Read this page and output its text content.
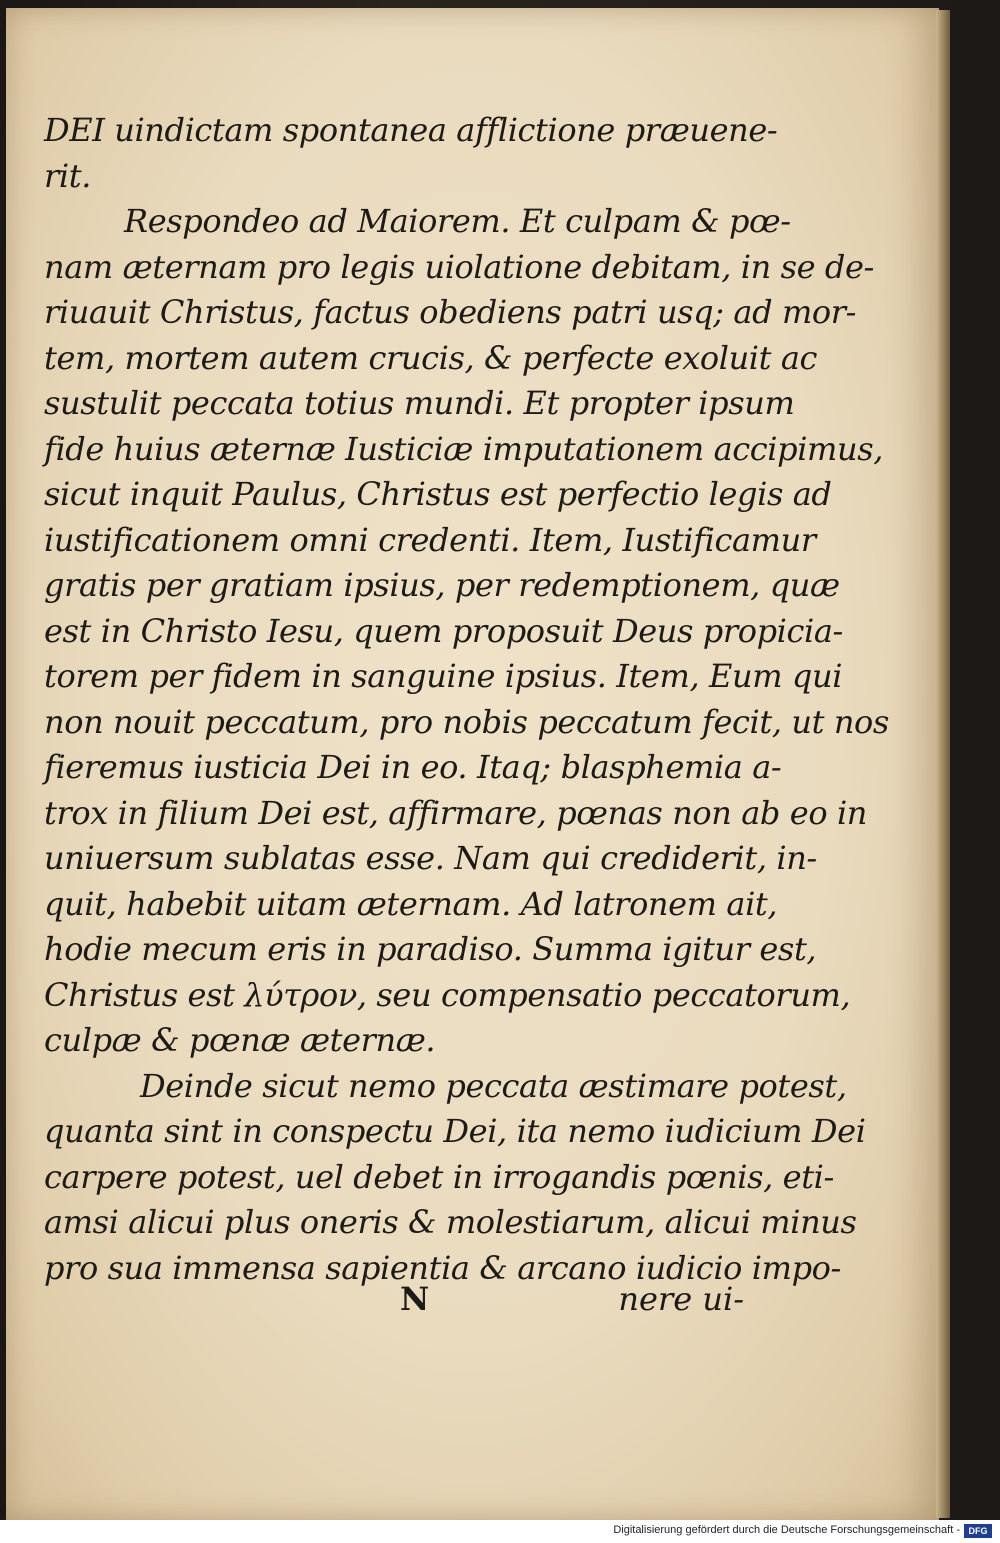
DEI uindictam spontanea afflictione præuene-
rit.
Respondeo ad Maiorem. Et culpam & pœ-
nam æternam pro legis uiolatione debitam, in se de-
riuauit Christus, factus obediens patri usq; ad mor-
tem, mortem autem crucis, & perfecte exoluit ac
sustulit peccata totius mundi. Et propter ipsum
fide huius æternæ Iusticiæ imputationem accipimus,
sicut inquit Paulus, Christus est perfectio legis ad
iustificationem omni credenti. Item, Iustificamur
gratis per gratiam ipsius, per redemptionem, quæ
est in Christo Iesu, quem proposuit Deus propicia-
torem per fidem in sanguine ipsius. Item, Eum qui
non nouit peccatum, pro nobis peccatum fecit, ut nos
fieremus iusticia Dei in eo. Itaq; blasphemia a-
trox in filium Dei est, affirmare, pœnas non ab eo in
uniuersum sublatas esse. Nam qui crediderit, in-
quit, habebit uitam æternam. Ad latronem ait,
hodie mecum eris in paradiso. Summa igitur est,
Christus est λύτρον, seu compensatio peccatorum,
culpæ & pœnæ æternæ.
Deinde sicut nemo peccata æstimare potest,
quanta sint in conspectu Dei, ita nemo iudicium Dei
carpere potest, uel debet in irrogandis pœnis, eti-
amsi alicui plus oneris & molestiarum, alicui minus
pro sua immensa sapientia & arcano iudicio impo-
N	nere ui-
Digitalisierung gefördert durch die Deutsche Forschungsgemeinschaft - DFG
